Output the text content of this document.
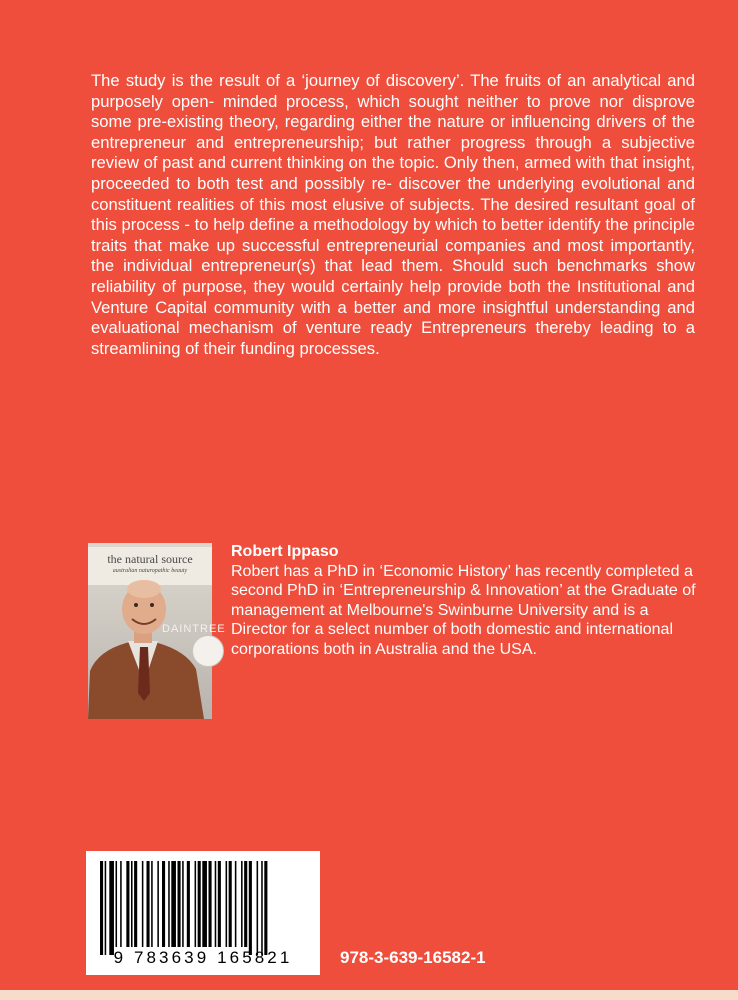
The study is the result of a ‘journey of discovery’. The fruits of an analytical and purposely open- minded process, which sought neither to prove nor disprove some pre-existing theory, regarding either the nature or influencing drivers of the entrepreneur and entrepreneurship; but rather progress through a subjective review of past and current thinking on the topic. Only then, armed with that insight, proceeded to both test and possibly re- discover the underlying evolutional and constituent realities of this most elusive of subjects. The desired resultant goal of this process - to help define a methodology by which to better identify the principle traits that make up successful entrepreneurial companies and most importantly, the individual entrepreneur(s) that lead them. Should such benchmarks show reliability of purpose, they would certainly help provide both the Institutional and Venture Capital community with a better and more insightful understanding and evaluational mechanism of venture ready Entrepreneurs thereby leading to a streamlining of their funding processes.
the natural source
australian naturopathic beauty
DAINTREE
Robert Ippaso
Robert has a PhD in ‘Economic History’ has recently completed a second PhD in ‘Entrepreneurship & Innovation’ at the Graduate of management at Melbourne's Swinburne University and is a Director for a select number of both domestic and international corporations both in Australia and the USA.
9 783639 165821	978-3-639-16582-1
